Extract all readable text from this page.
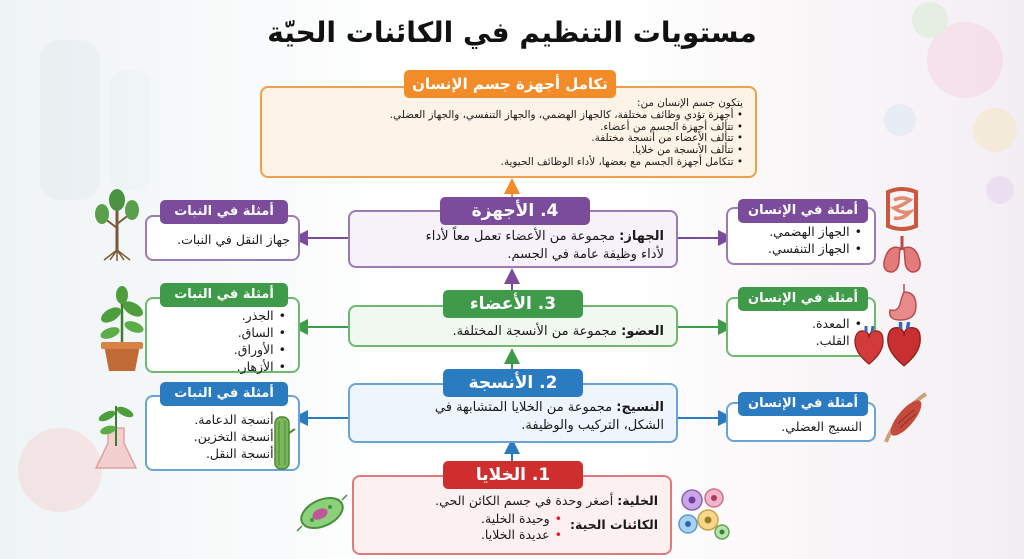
مستويات التنظيم في الكائنات الحيّة
يتكون جسم الإنسان من:
• أجهزة تؤدي وظائف مختلفة، كالجهاز الهضمي، والجهاز التنفسي، والجهاز العضلي.
• تتألف أجهزة الجسم من أعضاء.
• تتألف الأعضاء من أنسجة مختلفة.
• تتألف الأنسجة من خلايا.
• تتكامل أجهزة الجسم مع بعضها، لأداء الوظائف الحيوية.
تكامل أجهزة جسم الإنسان
الجهاز: مجموعة من الأعضاء تعمل معاً لأداء
لأداء وظيفة عامة في الجسم.
4. الأجهزة
العضو: مجموعة من الأنسجة المختلفة.
3. الأعضاء
النسيج: مجموعة من الخلايا المتشابهة في
الشكل، التركيب والوظيفة.
2. الأنسجة
الخلية: أصغر وحدة في جسم الكائن الحي.
الكائنات الحية:
• وحيدة الخلية.
• عديدة الخلايا.
1. الخلايا
جهاز النقل في النبات.
أمثلة في النبات
• الجذر.
• الساق.
• الأوراق.
• الأزهار.
أمثلة في النبات
• أنسجة الدعامة.
• أنسجة التخزين.
• أنسجة النقل.
أمثلة في النبات
• الجهاز الهضمي.
• الجهاز التنفسي.
أمثلة في الإنسان
• المعدة.
• القلب.
أمثلة في الإنسان
النسيج العضلي.
أمثلة في الإنسان
